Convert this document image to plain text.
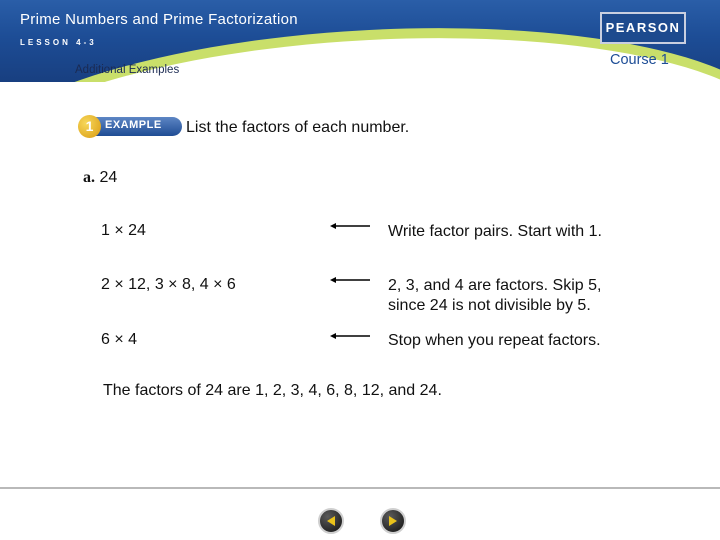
Prime Numbers and Prime Factorization
LESSON 4-3
PEARSON
Additional Examples
Course 1
1	EXAMPLE List the factors of each number.
a. 24
1 × 24	Write factor pairs. Start with 1.
2 × 12, 3 × 8, 4 × 6	2, 3, and 4 are factors. Skip 5,
since 24 is not divisible by 5.
6 × 4	Stop when you repeat factors.
The factors of 24 are 1, 2, 3, 4, 6, 8, 12, and 24.
